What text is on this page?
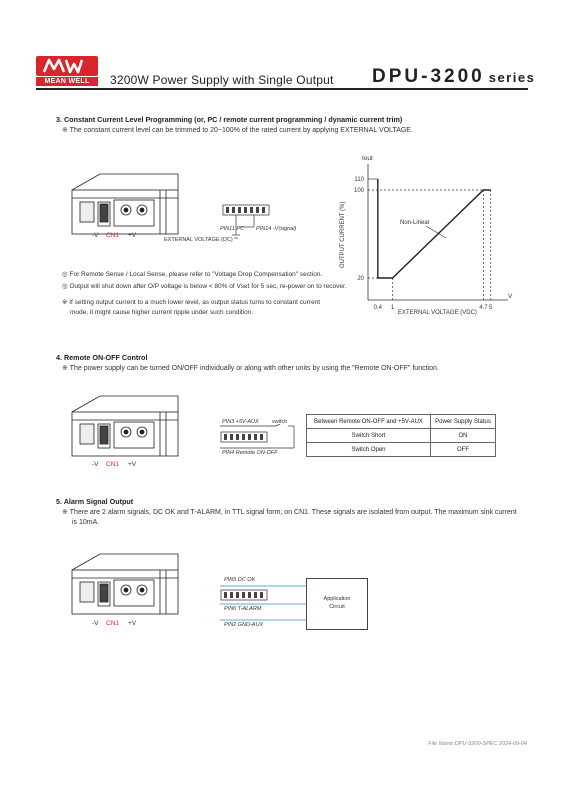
MEAN WELL	3200W Power Supply with Single Output DPU-3200 series
3. Constant Current Level Programming (or, PC / remote current programming / dynamic current trim)
※ The constant current level can be trimmed to 20~100% of the rated current by applying EXTERNAL VOLTAGE.
-V CN1 +V
PIN11 PC PIN14 -V(signal)
EXTERNAL VOLTAGE (DC)
◎ For Remote Sense / Local Sense, please refer to "Voltage Drop Compensation" section.
◎ Output will shut down after O/P voltage is below < 80% of Vset for 5 sec, re-power on to recover.
※ If setting output current to a much lower level, as output status turns to constant current
mode, it might cause higher current ripple under such condition.
Iout
V
OUTPUT CURRENT (%)
EXTERNAL VOLTAGE (VDC)
Non-Linear
20
100
110
0.4 1	4.7 5
4. Remote ON-OFF Control
※ The power supply can be turned ON/OFF individually or along with other units by using the "Remote ON-OFF" function.
-V CN1 +V
PIN3 +5V-AUX switch
PIN4 Remote ON-OFF
Between Remote ON-OFF and +5V-AUX	Power Supply Status
Switch Short	ON
Switch Open	OFF
5. Alarm Signal Output
※ There are 2 alarm signals, DC OK and T-ALARM, in TTL signal form, on CN1. These signals are isolated from output. The maximum sink current
is 10mA.
-V CN1 +V
PIN5 DC OK
PIN6 T-ALARM
PIN2 GND-AUX
Application
Circuit
File Name:DPU-3200-SPEC 2024-09-04
